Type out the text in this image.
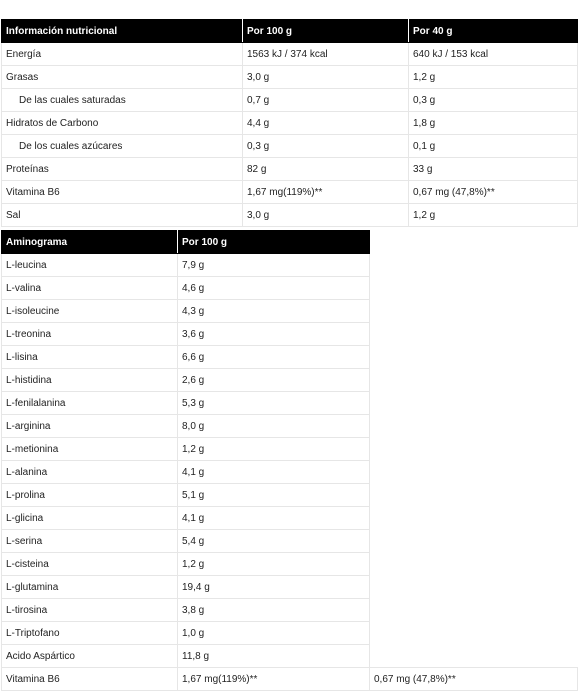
Información nutricional	Por 100 g	Por 40 g
Energía	1563 kJ / 374 kcal	640 kJ / 153 kcal
Grasas	3,0 g	1,2 g
De las cuales saturadas	0,7 g	0,3 g
Hidratos de Carbono	4,4 g	1,8 g
De los cuales azúcares	0,3 g	0,1 g
Proteínas	82 g	33 g
Vitamina B6	1,67 mg(119%)**	0,67 mg (47,8%)**
Sal	3,0 g	1,2 g
Aminograma	Por 100 g	
L-leucina	7,9 g	
L-valina	4,6 g	
L-isoleucine	4,3 g	
L-treonina	3,6 g	
L-lisina	6,6 g	
L-histidina	2,6 g	
L-fenilalanina	5,3 g	
L-arginina	8,0 g	
L-metionina	1,2 g	
L-alanina	4,1 g	
L-prolina	5,1 g	
L-glicina	4,1 g	
L-serina	5,4 g	
L-cisteina	1,2 g	
L-glutamina	19,4 g	
L-tirosina	3,8 g	
L-Triptofano	1,0 g	
Acido Aspártico	11,8 g	
Vitamina B6	1,67 mg(119%)**	0,67 mg (47,8%)**
